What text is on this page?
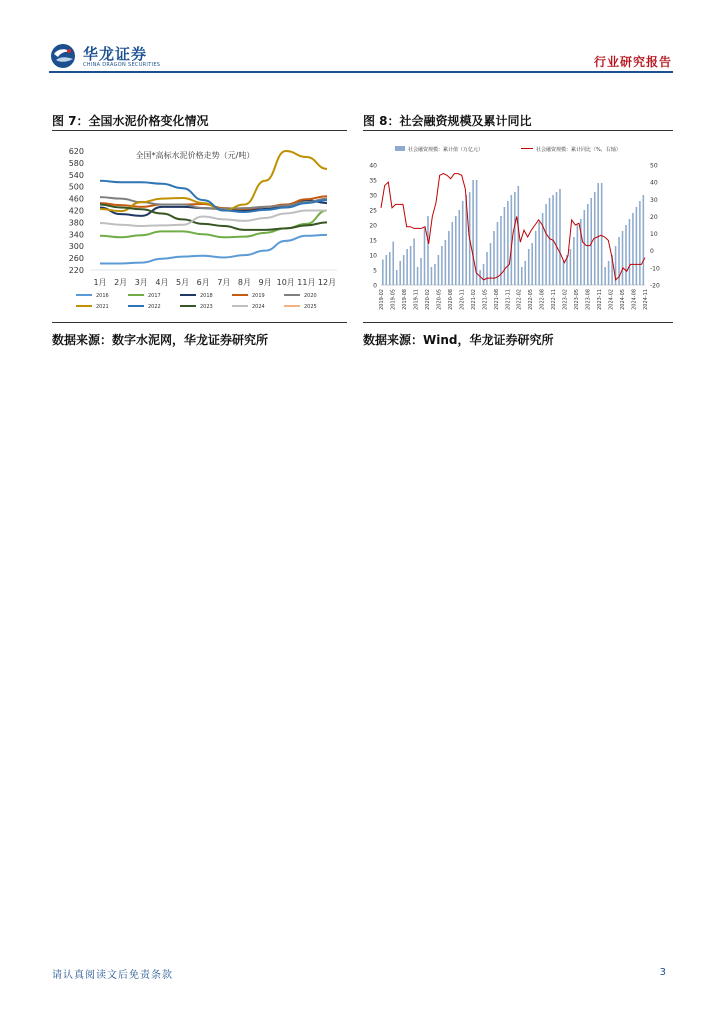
华龙证券
CHINA DRAGON SECURITIES	行业研究报告
图 7：全国水泥价格变化情况
全国*高标水泥价格走势（元/吨）
220
260
300
340
380
420
460
500
540
580
620
1月 2月 3月 4月 5月 6月 7月 8月 9月 10月 11月 12月
2016	2017	2018	2019	2020
2021	2022	2023	2024	2025
数据来源：数字水泥网，华龙证券研究所
图 8：社会融资规模及累计同比
0
5
10
15
20
25
30
35
40	50
40
30
20
10
0
-10
-20
2019-02 2019-05 2019-08 2019-11 2020-02 2020-05 2020-08 2020-11 2021-02 2021-05 2021-08 2021-11 2022-02 2022-05 2022-08 2022-11 2023-02 2023-05 2023-08 2023-11 2024-02 2024-05 2024-08 2024-11
社会融资规模：累计值（万亿元）	社会融资规模：累计同比（%，右轴）
数据来源：Wind，华龙证券研究所
请认真阅读文后免责条款	3
